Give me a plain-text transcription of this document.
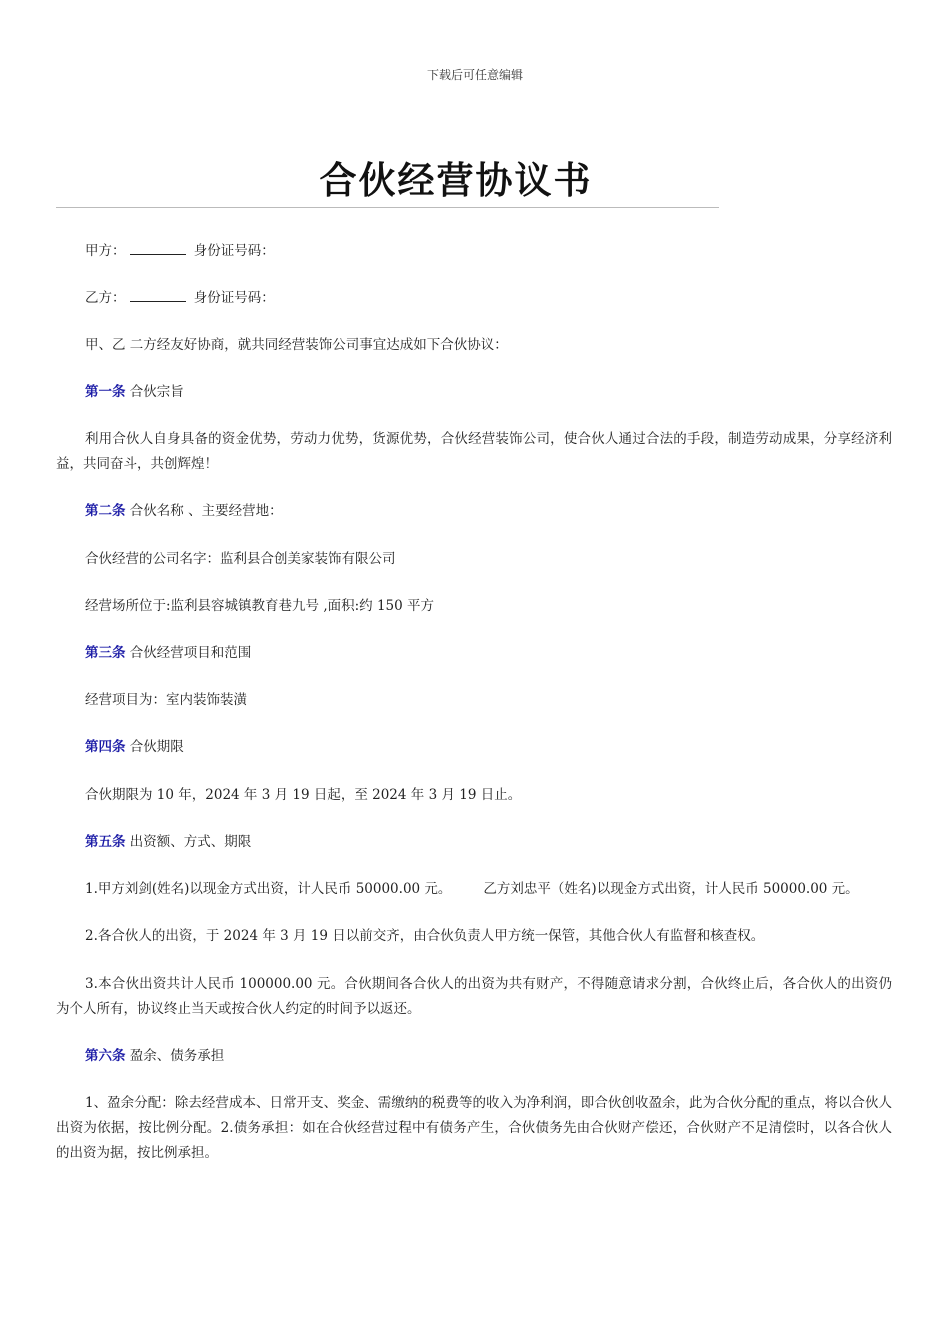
下载后可任意编辑
合伙经营协议书
甲方：	身份证号码：
乙方：	身份证号码：
甲、乙 二方经友好协商，就共同经营装饰公司事宜达成如下合伙协议：
第一条 合伙宗旨
利用合伙人自身具备的资金优势，劳动力优势，货源优势，合伙经营装饰公司，使合伙人通过合法的手段，制造劳动成果，分享经济利益，共同奋斗，共创辉煌！
第二条 合伙名称 、主要经营地：
合伙经营的公司名字：监利县合创美家装饰有限公司
经营场所位于:监利县容城镇教育巷九号 ,面积:约 150 平方
第三条 合伙经营项目和范围
经营项目为：室内装饰装潢
第四条 合伙期限
合伙期限为 10 年，2024 年 3 月 19 日起，至 2024 年 3 月 19 日止。
第五条 出资额、方式、期限
1.甲方刘剑(姓名)以现金方式出资，计人民币 50000.00 元。 乙方刘忠平（姓名)以现金方式出资，计人民币 50000.00 元。
2.各合伙人的出资，于 2024 年 3 月 19 日以前交齐，由合伙负责人甲方统一保管，其他合伙人有监督和核查权。
3.本合伙出资共计人民币 100000.00 元。合伙期间各合伙人的出资为共有财产，不得随意请求分割，合伙终止后，各合伙人的出资仍为个人所有，协议终止当天或按合伙人约定的时间予以返还。
第六条 盈余、债务承担
1、盈余分配：除去经营成本、日常开支、奖金、需缴纳的税费等的收入为净利润，即合伙创收盈余，此为合伙分配的重点，将以合伙人出资为依据，按比例分配。2.债务承担：如在合伙经营过程中有债务产生，合伙债务先由合伙财产偿还，合伙财产不足清偿时，以各合伙人的出资为据，按比例承担。
